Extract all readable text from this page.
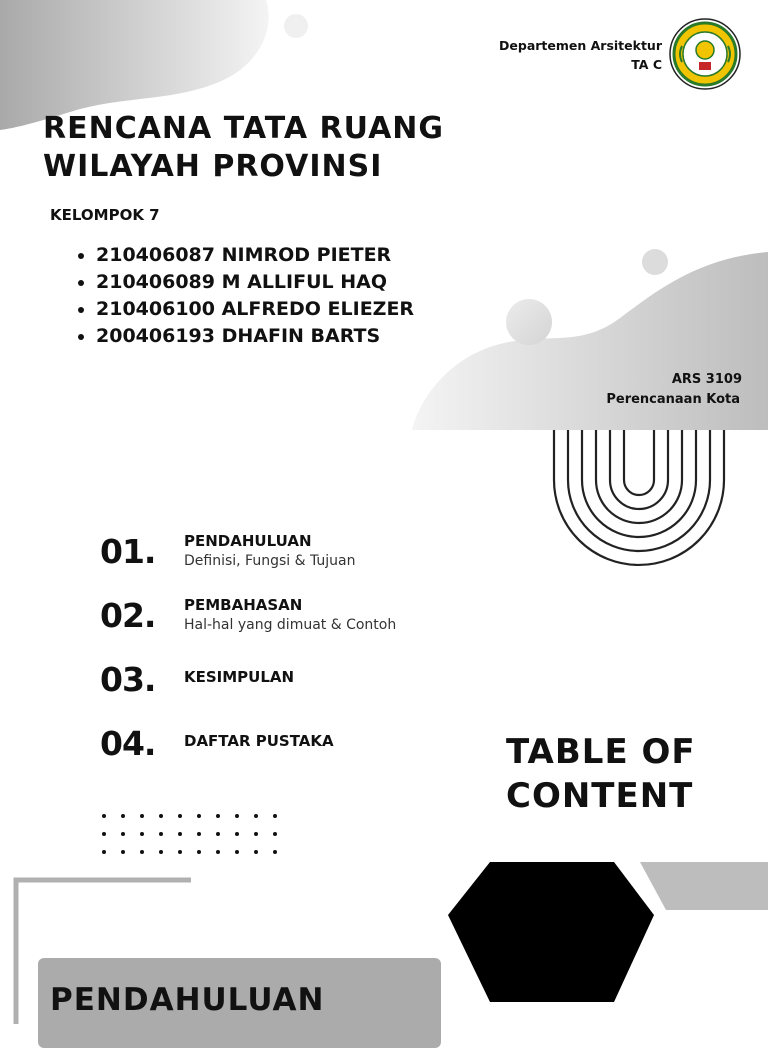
Departemen Arsitektur
TA C
RENCANA TATA RUANG
WILAYAH PROVINSI
KELOMPOK 7
• 210406087 NIMROD PIETER
• 210406089 M ALLIFUL HAQ
• 210406100 ALFREDO ELIEZER
• 200406193 DHAFIN BARTS
ARS 3109
Perencanaan Kota
01. PENDAHULUAN
Definisi, Fungsi & Tujuan
02. PEMBAHASAN
Hal-hal yang dimuat & Contoh
03. KESIMPULAN
04. DAFTAR PUSTAKA	TABLE OF
CONTENT
PENDAHULUAN
